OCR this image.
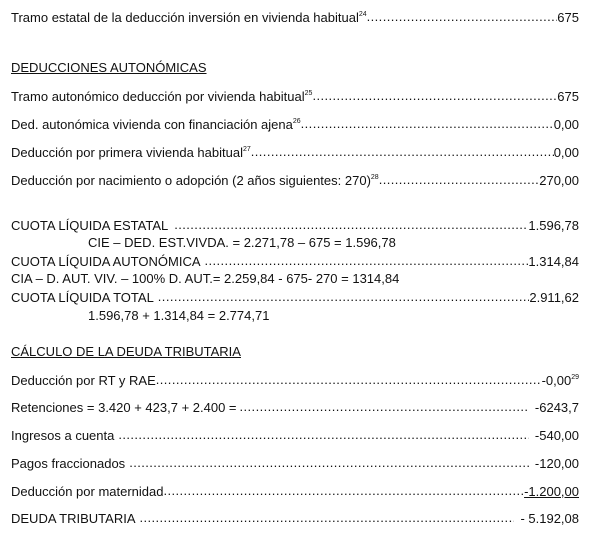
Tramo estatal de la deducción inversión en vivienda habitual$^{24}$ .....	675
DEDUCCIONES AUTONÓMICAS
Tramo autonómico deducción por vivienda habitual$^{25}$ .....	675
Ded. autonómica vivienda con financiación ajena$^{26}$ .....	0,00
Deducción por primera vivienda habitual$^{27}$ .....	0,00
Deducción por nacimiento o adopción (2 años siguientes: 270)$^{28}$ .....	270,00
CUOTA LÍQUIDA ESTATAL .....	1.596,78
CIE – DED. EST.VIVDA. = 2.271,78 – 675 = 1.596,78
CUOTA LÍQUIDA AUTONÓMICA .....	1.314,84
CIA – D. AUT. VIV. – 100% D. AUT.= 2.259,84 - 675- 270 = 1314,84
CUOTA LÍQUIDA TOTAL .....	2.911,62
1.596,78 + 1.314,84 = 2.774,71
CÁLCULO DE LA DEUDA TRIBUTARIA
Deducción por RT y RAE .....	-0,00$^{29}$
Retenciones = 3.420 + 423,7 + 2.400 = .....	-6243,7
Ingresos a cuenta .....	-540,00
Pagos fraccionados .....	-120,00
Deducción por maternidad .....	-1.200,00
DEUDA TRIBUTARIA .....	- 5.192,08
